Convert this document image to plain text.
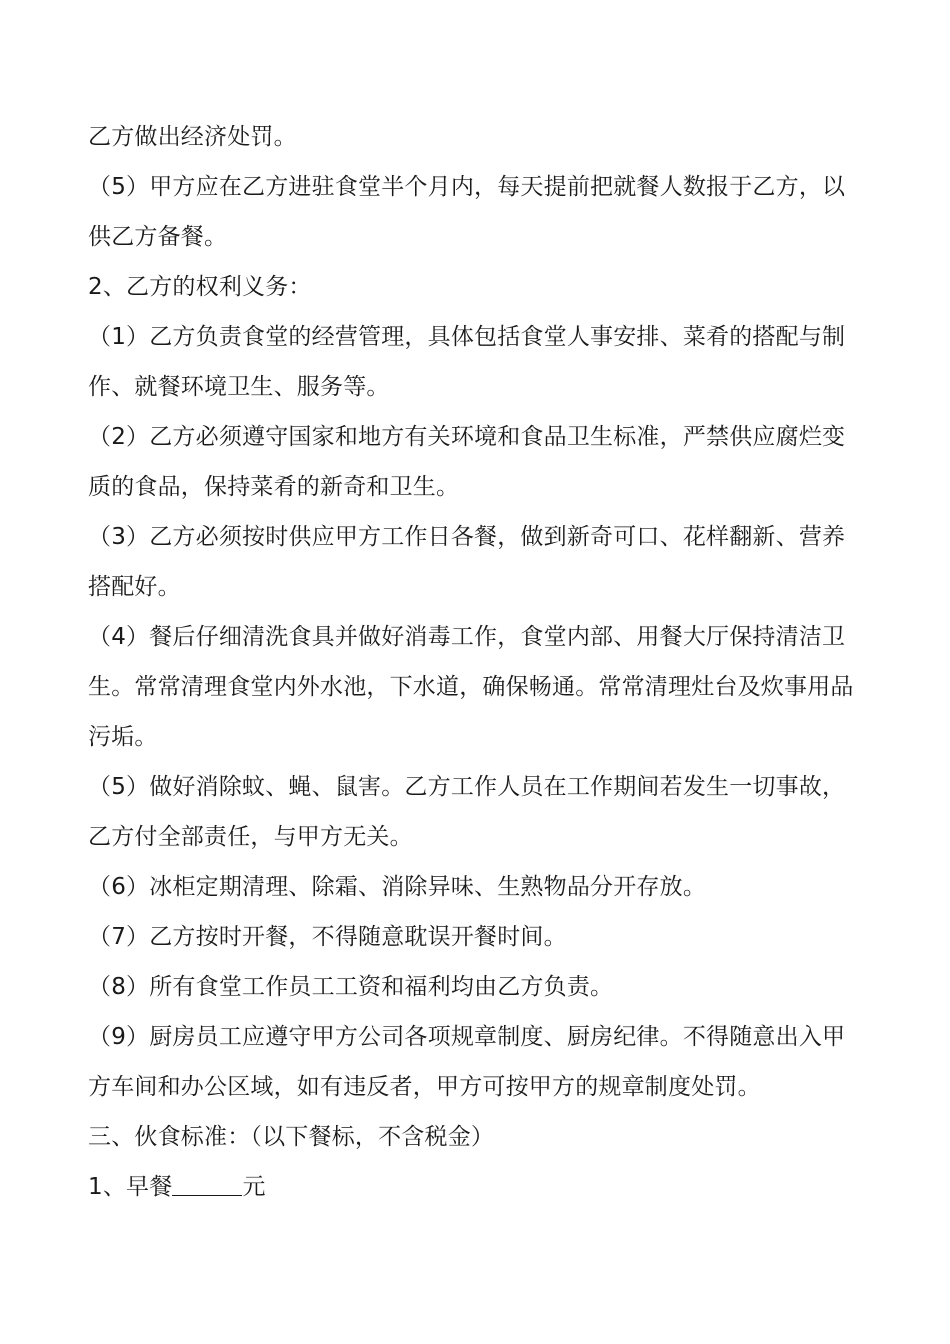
乙方做出经济处罚。

（5）甲方应在乙方进驻食堂半个月内，每天提前把就餐人数报于乙方，以供乙方备餐。

2、乙方的权利义务：

（1）乙方负责食堂的经营管理，具体包括食堂人事安排、菜肴的搭配与制作、就餐环境卫生、服务等。

（2）乙方必须遵守国家和地方有关环境和食品卫生标准，严禁供应腐烂变质的食品，保持菜肴的新奇和卫生。

（3）乙方必须按时供应甲方工作日各餐，做到新奇可口、花样翻新、营养搭配好。

（4）餐后仔细清洗食具并做好消毒工作，食堂内部、用餐大厅保持清洁卫生。常常清理食堂内外水池，下水道，确保畅通。常常清理灶台及炊事用品污垢。

（5）做好消除蚊、蝇、鼠害。乙方工作人员在工作期间若发生一切事故，乙方付全部责任，与甲方无关。

（6）冰柜定期清理、除霜、消除异味、生熟物品分开存放。

（7）乙方按时开餐，不得随意耽误开餐时间。

（8）所有食堂工作员工工资和福利均由乙方负责。

（9）厨房员工应遵守甲方公司各项规章制度、厨房纪律。不得随意出入甲方车间和办公区域，如有违反者，甲方可按甲方的规章制度处罚。

三、伙食标准：（以下餐标，不含税金）

1、早餐	元
